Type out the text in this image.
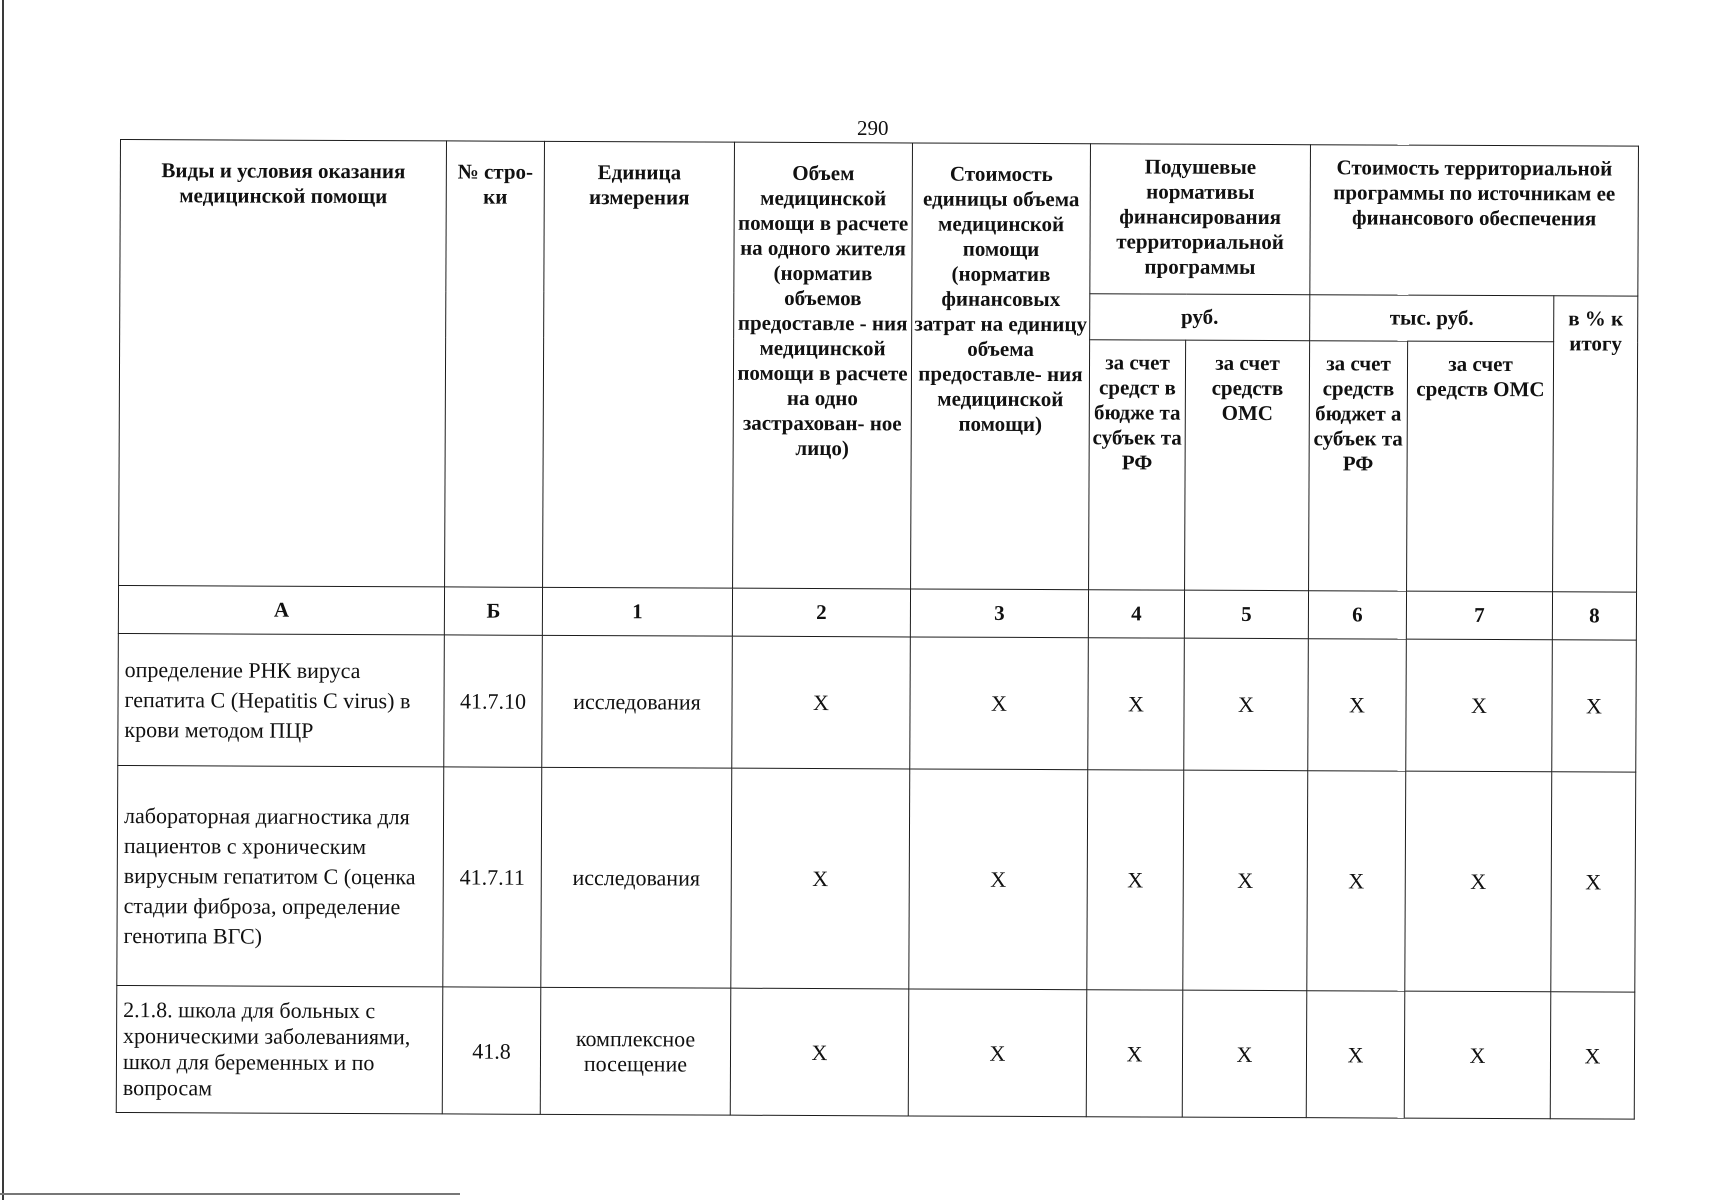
290
Виды и условия оказания медицинской помощи	№ стро- ки	Единица измерения	Объем медицинской помощи в расчете на одного жителя (норматив объемов предоставле - ния медицинской помощи в расчете на одно застрахован- ное лицо)	Стоимость единицы объема медицинской помощи (норматив финансовых затрат на единицу объема предоставле- ния медицинской помощи)	Подушевые нормативы финансирования территориальной программы		Стоимость территориальной программы по источникам ее финансового обеспечения		
					руб.		тыс. руб.		в % к итогу
					за счет средст в бюдже та субъек та РФ	за счет средств ОМС	за счет средств бюджет а субъек та РФ	за счет средств ОМС	
А	Б	1	2	3	4	5	6	7	8
определение РНК вируса гепатита С (Hepatitis C virus) в крови методом ПЦР	41.7.10	исследования	Х	Х	Х	Х	Х	Х	Х
лабораторная диагностика для пациентов с хроническим вирусным гепатитом С (оценка стадии фиброза, определение генотипа ВГС)	41.7.11	исследования	Х	Х	Х	Х	Х	Х	Х
2.1.8. школа для больных с хроническими заболеваниями, школ для беременных и по вопросам	41.8	комплексное посещение	Х	Х	Х	Х	Х	Х	Х
